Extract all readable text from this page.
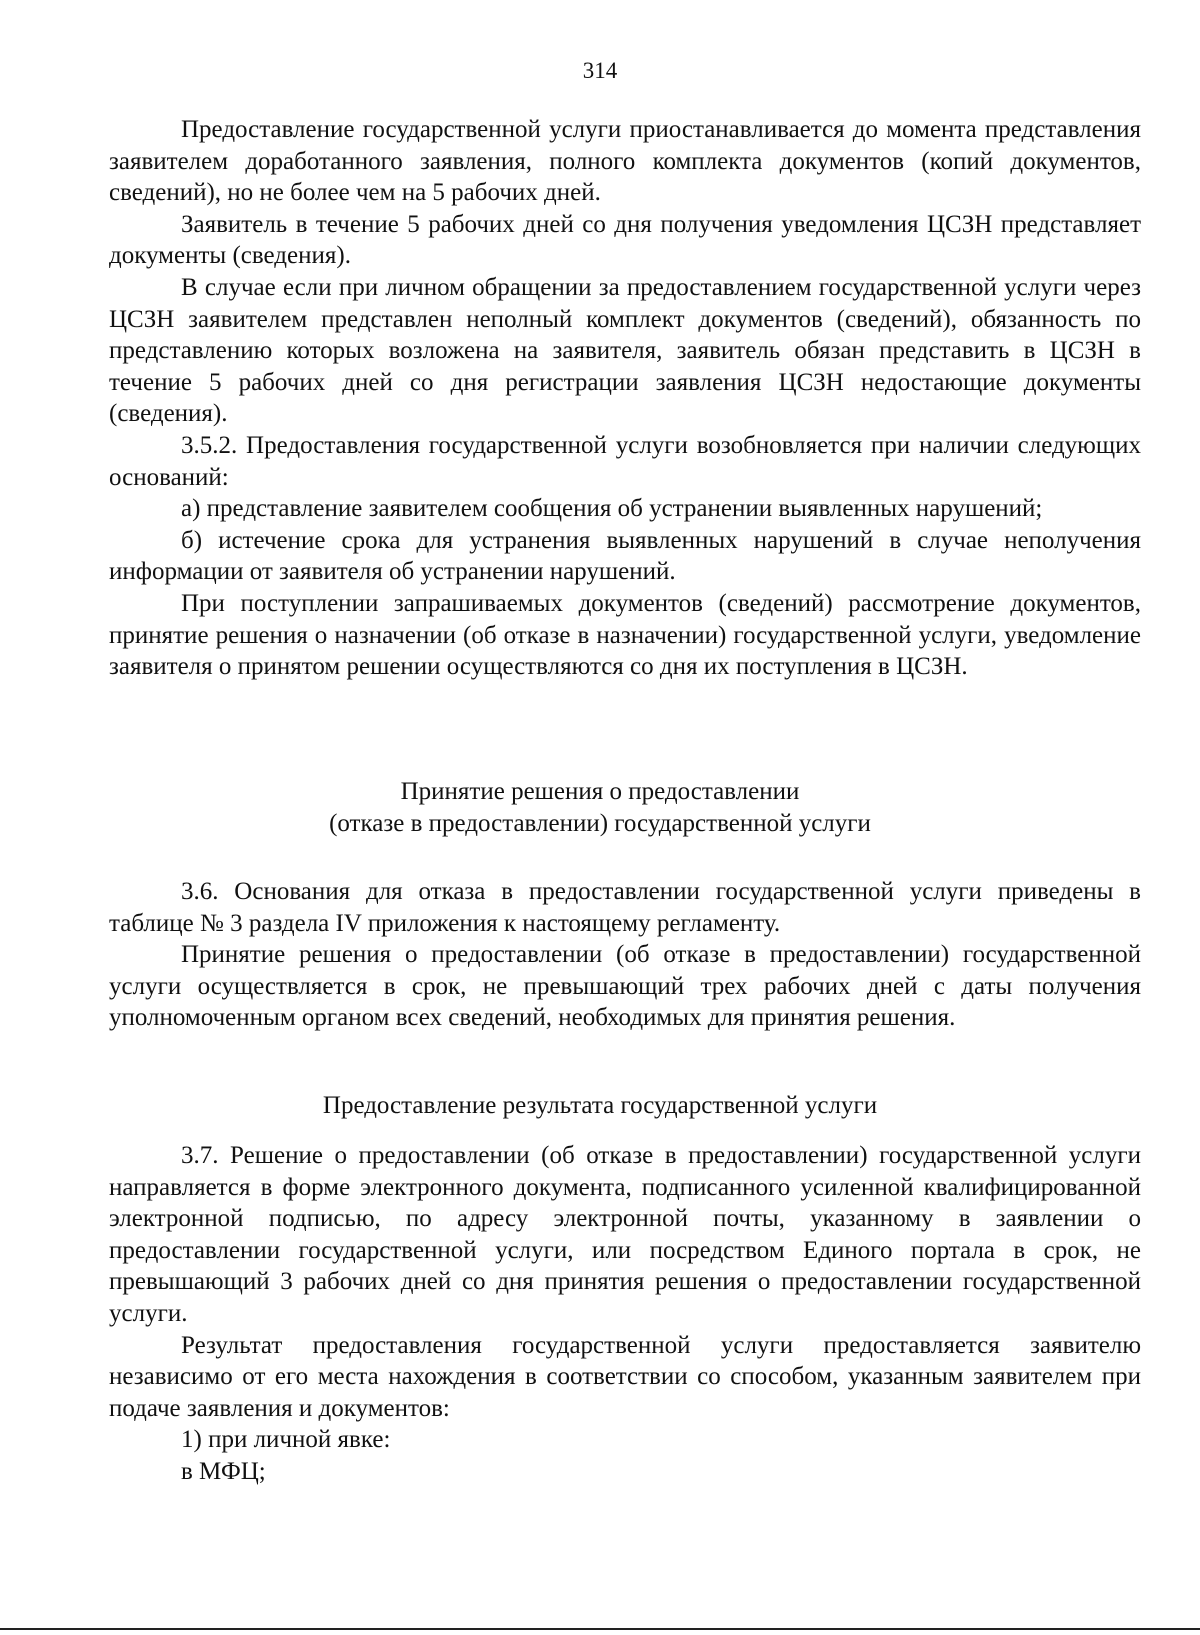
314

Предоставление государственной услуги приостанавливается до момента представления заявителем доработанного заявления, полного комплекта документов (копий документов, сведений), но не более чем на 5 рабочих дней.

Заявитель в течение 5 рабочих дней со дня получения уведомления ЦСЗН представляет документы (сведения).

В случае если при личном обращении за предоставлением государственной услуги через ЦСЗН заявителем представлен неполный комплект документов (сведений), обязанность по представлению которых возложена на заявителя, заявитель обязан представить в ЦСЗН в течение 5 рабочих дней со дня регистрации заявления ЦСЗН недостающие документы (сведения).

3.5.2. Предоставления государственной услуги возобновляется при наличии следующих оснований:

а) представление заявителем сообщения об устранении выявленных нарушений;

б) истечение срока для устранения выявленных нарушений в случае неполучения информации от заявителя об устранении нарушений.

При поступлении запрашиваемых документов (сведений) рассмотрение документов, принятие решения о назначении (об отказе в назначении) государственной услуги, уведомление заявителя о принятом решении осуществляются со дня их поступления в ЦСЗН.

Принятие решения о предоставлении
(отказе в предоставлении) государственной услуги

3.6. Основания для отказа в предоставлении государственной услуги приведены в таблице № 3 раздела IV приложения к настоящему регламенту.

Принятие решения о предоставлении (об отказе в предоставлении) государственной услуги осуществляется в срок, не превышающий трех рабочих дней с даты получения уполномоченным органом всех сведений, необходимых для принятия решения.

Предоставление результата государственной услуги

3.7. Решение о предоставлении (об отказе в предоставлении) государственной услуги направляется в форме электронного документа, подписанного усиленной квалифицированной электронной подписью, по адресу электронной почты, указанному в заявлении о предоставлении государственной услуги, или посредством Единого портала в срок, не превышающий 3 рабочих дней со дня принятия решения о предоставлении государственной услуги.

Результат предоставления государственной услуги предоставляется заявителю независимо от его места нахождения в соответствии со способом, указанным заявителем при подаче заявления и документов:

1) при личной явке:

в МФЦ;
